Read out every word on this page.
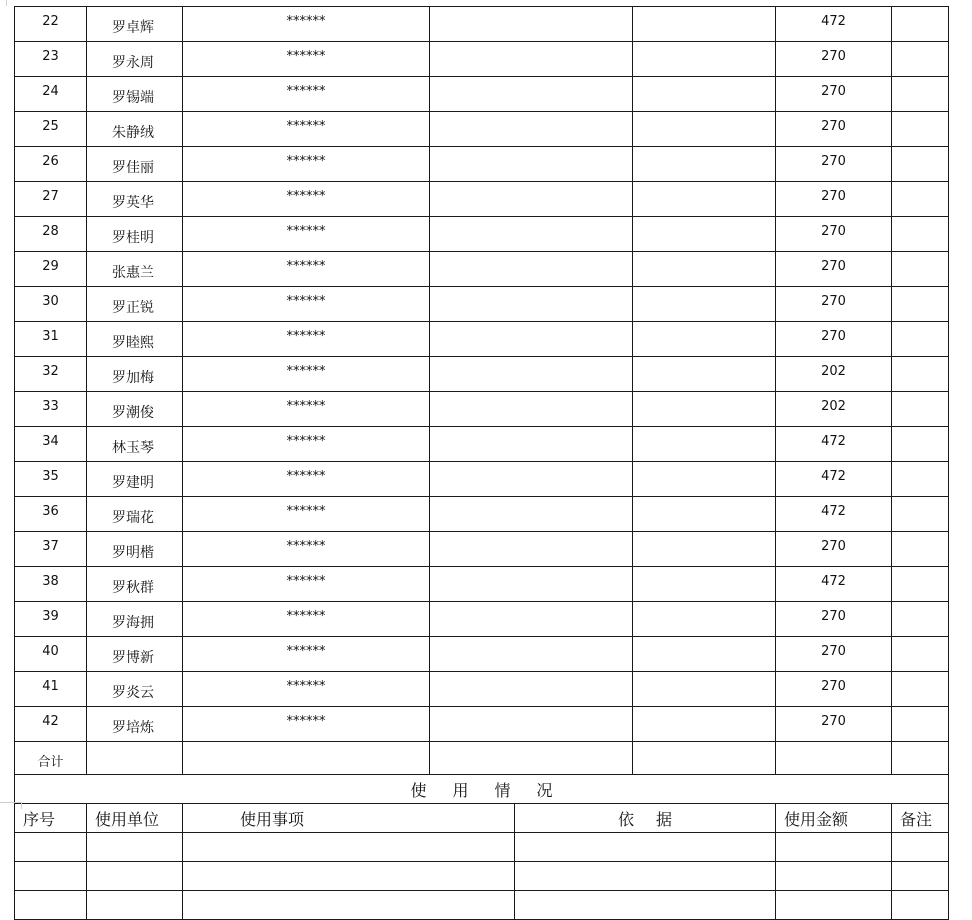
22	罗卓辉	******			472	
23	罗永周	******			270	
24	罗锡端	******			270	
25	朱静绒	******			270	
26	罗佳丽	******			270	
27	罗英华	******			270	
28	罗桂明	******			270	
29	张惠兰	******			270	
30	罗正锐	******			270	
31	罗睦熙	******			270	
32	罗加梅	******			202	
33	罗潮俊	******			202	
34	林玉琴	******			472	
35	罗建明	******			472	
36	罗瑞花	******			472	
37	罗明楷	******			270	
38	罗秋群	******			472	
39	罗海拥	******			270	
40	罗博新	******			270	
41	罗炎云	******			270	
42	罗培炼	******			270	
合计						
使 用 情 况					
序号	使用单位	使用事项	依 据	使用金额	备注
